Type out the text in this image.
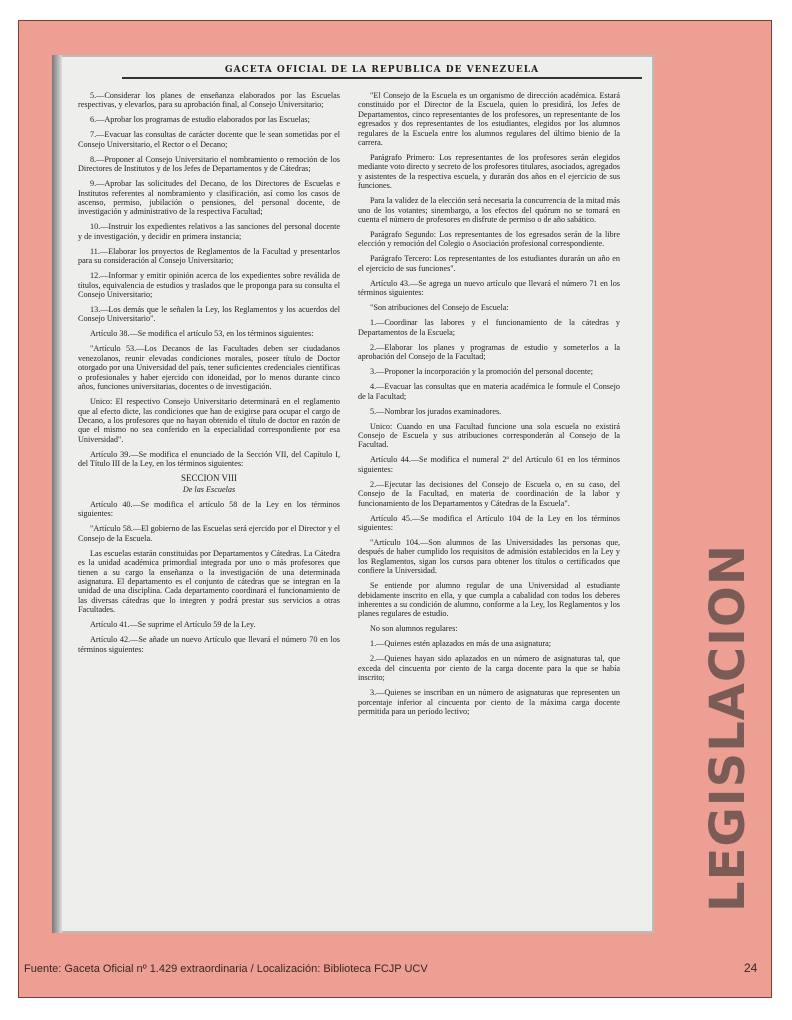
GACETA OFICIAL DE LA REPUBLICA DE VENEZUELA

5.—Considerar los planes de enseñanza elaborados por las Escuelas respectivas, y elevarlos, para su aprobación final, al Consejo Universitario;

6.—Aprobar los programas de estudio elaborados por las Escuelas;

7.—Evacuar las consultas de carácter docente que le sean sometidas por el Consejo Universitario, el Rector o el Decano;

8.—Proponer al Consejo Universitario el nombramiento o remoción de los Directores de Institutos y de los Jefes de Departamentos y de Cátedras;

9.—Aprobar las solicitudes del Decano, de los Directores de Escuelas e Institutos referentes al nombramiento y clasificación, así como los casos de ascenso, permiso, jubilación o pensiones, del personal docente, de investigación y administrativo de la respectiva Facultad;

10.—Instruir los expedientes relativos a las sanciones del personal docente y de investigación, y decidir en primera instancia;

11.—Elaborar los proyectos de Reglamentos de la Facultad y presentarlos para su consideración al Consejo Universitario;

12.—Informar y emitir opinión acerca de los expedientes sobre reválida de títulos, equivalencia de estudios y traslados que le proponga para su consulta el Consejo Universitario;

13.—Los demás que le señalen la Ley, los Reglamentos y los acuerdos del Consejo Universitario".

Artículo 38.—Se modifica el artículo 53, en los términos siguientes:

"Artículo 53.—Los Decanos de las Facultades deben ser ciudadanos venezolanos, reunir elevadas condiciones morales, poseer título de Doctor otorgado por una Universidad del país, tener suficientes credenciales científicas o profesionales y haber ejercido con idoneidad, por lo menos durante cinco años, funciones universitarias, docentes o de investigación.

Unico: El respectivo Consejo Universitario determinará en el reglamento que al efecto dicte, las condiciones que han de exigirse para ocupar el cargo de Decano, a los profesores que no hayan obtenido el título de doctor en razón de que el mismo no sea conferido en la especialidad correspondiente por esa Universidad".

Artículo 39.—Se modifica el enunciado de la Sección VII, del Capítulo I, del Título III de la Ley, en los términos siguientes:

SECCION VIII

De las Escuelas

Artículo 40.—Se modifica el artículo 58 de la Ley en los términos siguientes:

"Artículo 58.—El gobierno de las Escuelas será ejercido por el Director y el Consejo de la Escuela.

Las escuelas estarán constituidas por Departamentos y Cátedras. La Cátedra es la unidad académica primordial integrada por uno o más profesores que tienen a su cargo la enseñanza o la investigación de una determinada asignatura. El departamento es el conjunto de cátedras que se integran en la unidad de una disciplina. Cada departamento coordinará el funcionamiento de las diversas cátedras que lo integren y podrá prestar sus servicios a otras Facultades.

Artículo 41.—Se suprime el Artículo 59 de la Ley.

Artículo 42.—Se añade un nuevo Artículo que llevará el número 70 en los términos siguientes:

"El Consejo de la Escuela es un organismo de dirección académica. Estará constituido por el Director de la Escuela, quien lo presidirá, los Jefes de Departamentos, cinco representantes de los profesores, un representante de los egresados y dos representantes de los estudiantes, elegidos por los alumnos regulares de la Escuela entre los alumnos regulares del último bienio de la carrera.

Parágrafo Primero: Los representantes de los profesores serán elegidos mediante voto directo y secreto de los profesores titulares, asociados, agregados y asistentes de la respectiva escuela, y durarán dos años en el ejercicio de sus funciones.

Para la validez de la elección será necesaria la concurrencia de la mitad más uno de los votantes; sinembargo, a los efectos del quórum no se tomará en cuenta el número de profesores en disfrute de permiso o de año sabático.

Parágrafo Segundo: Los representantes de los egresados serán de la libre elección y remoción del Colegio o Asociación profesional correspondiente.

Parágrafo Tercero: Los representantes de los estudiantes durarán un año en el ejercicio de sus funciones".

Artículo 43.—Se agrega un nuevo artículo que llevará el número 71 en los términos siguientes:

"Son atribuciones del Consejo de Escuela:

1.—Coordinar las labores y el funcionamiento de la cátedras y Departamentos de la Escuela;

2.—Elaborar los planes y programas de estudio y someterlos a la aprobación del Consejo de la Facultad;

3.—Proponer la incorporación y la promoción del personal docente;

4.—Evacuar las consultas que en materia académica le formule el Consejo de la Facultad;

5.—Nombrar los jurados examinadores.

Unico: Cuando en una Facultad funcione una sola escuela no existirá Consejo de Escuela y sus atribuciones corresponderán al Consejo de la Facultad.

Artículo 44.—Se modifica el numeral 2º del Artículo 61 en los términos siguientes:

2.—Ejecutar las decisiones del Consejo de Escuela o, en su caso, del Consejo de la Facultad, en materia de coordinación de la labor y funcionamiento de los Departamentos y Cátedras de la Escuela".

Artículo 45.—Se modifica el Artículo 104 de la Ley en los términos siguientes:

"Artículo 104.—Son alumnos de las Universidades las personas que, después de haber cumplido los requisitos de admisión establecidos en la Ley y los Reglamentos, sigan los cursos para obtener los títulos o certificados que confiere la Universidad.

Se entiende por alumno regular de una Universidad al estudiante debidamente inscrito en ella, y que cumpla a cabalidad con todos los deberes inherentes a su condición de alumno, conforme a la Ley, los Reglamentos y los planes regulares de estudio.

No son alumnos regulares:

1.—Quienes estén aplazados en más de una asignatura;

2.—Quienes hayan sido aplazados en un número de asignaturas tal, que exceda del cincuenta por ciento de la carga docente para la que se había inscrito;

3.—Quienes se inscriban en un número de asignaturas que representen un porcentaje inferior al cincuenta por ciento de la máxima carga docente permitida para un período lectivo;	LEGISLACION
Fuente: Gaceta Oficial nº 1.429 extraordinaria / Localización: Biblioteca FCJP UCV	24
